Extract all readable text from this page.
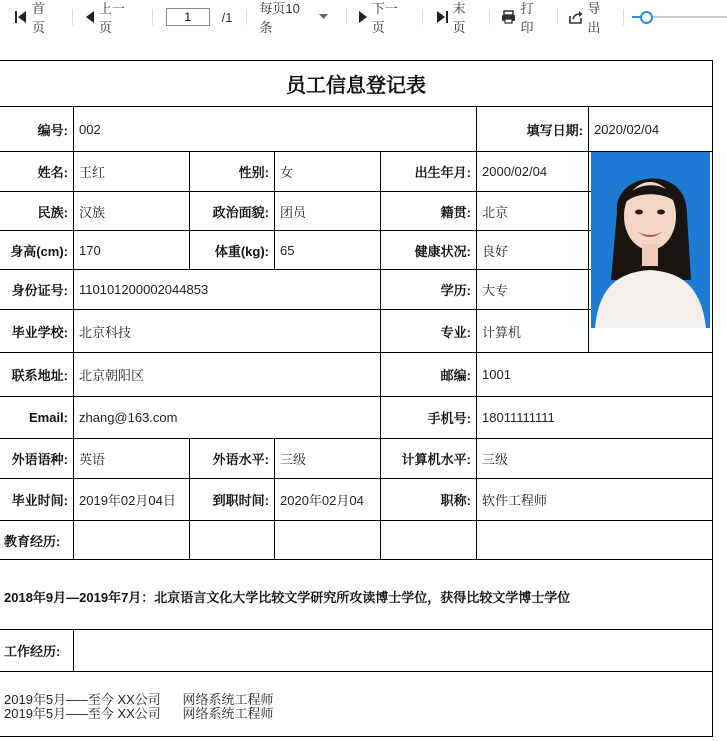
首页
上一页
1
/1
每页10条
下一页
末页
打印
导出
员工信息登记表
编号: 002	填写日期: 2020/02/04
姓名: 王红	性别: 女	出生年月: 2000/02/04
民族: 汉族	政治面貌: 团员	籍贯: 北京
身高(cm): 170	体重(kg): 65	健康状况: 良好
身份证号: 110101200002044853	学历: 大专
毕业学校: 北京科技	专业: 计算机
联系地址: 北京朝阳区	邮编: 1001
Email: zhang@163.com	手机号: 18011111111
外语语种: 英语	外语水平: 三级	计算机水平: 三级
毕业时间: 2019年02月04日	到职时间: 2020年02月04	职称: 软件工程师
教育经历:
2018年9月—2019年7月：北京语言文化大学比较文学研究所攻读博士学位，获得比较文学博士学位
工作经历:
2019年5月–––至今 XX公司      网络系统工程师
2019年5月–––至今 XX公司      网络系统工程师
